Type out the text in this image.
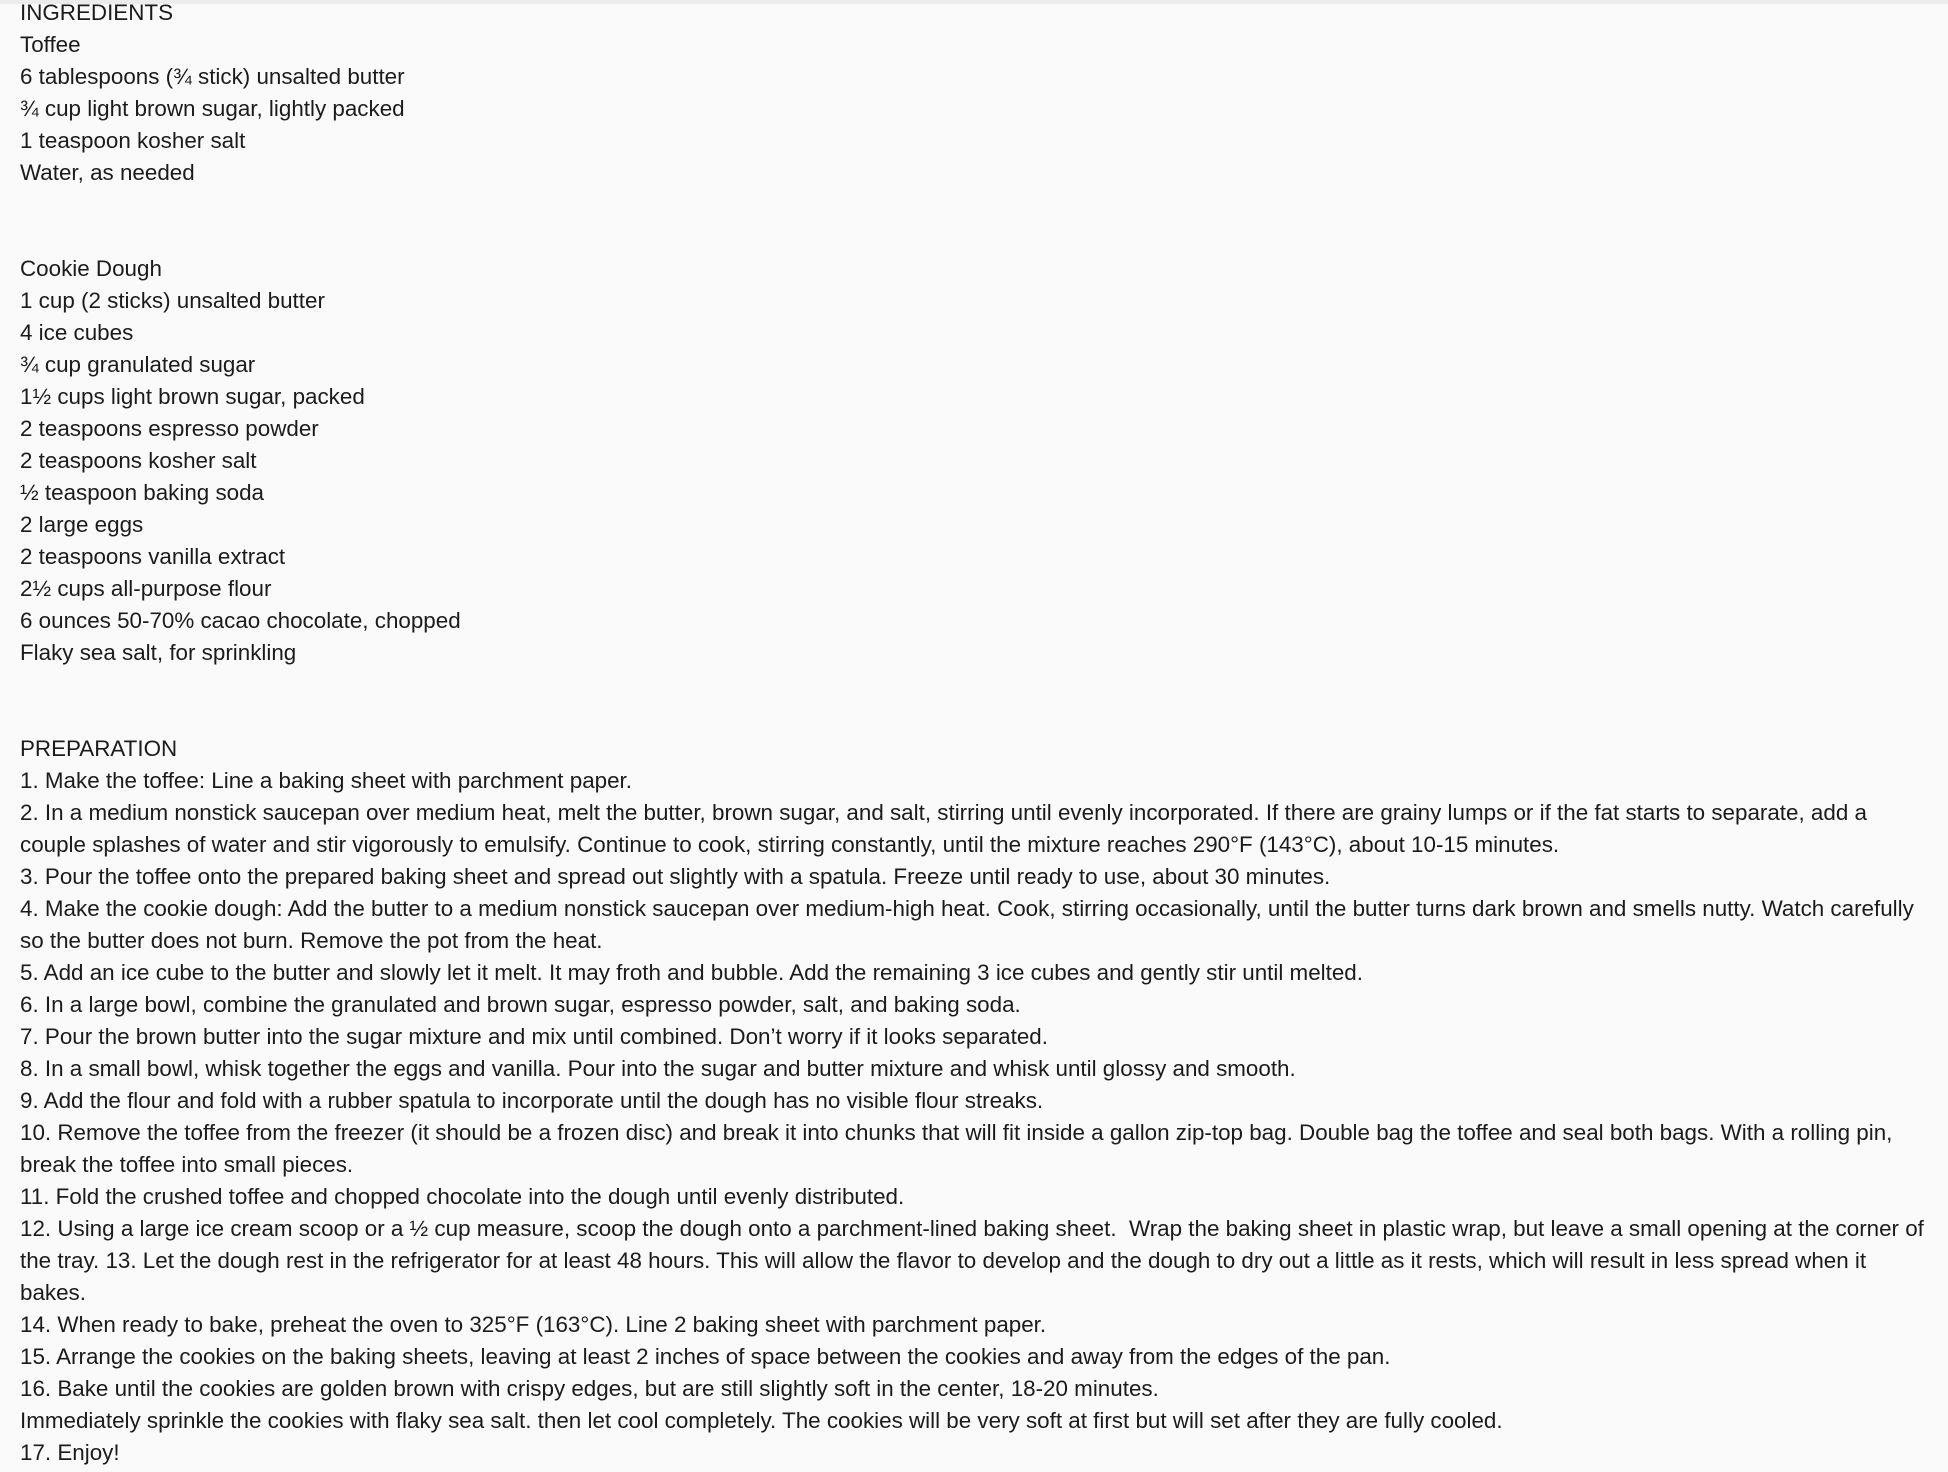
INGREDIENTS

Toffee

6 tablespoons (¾ stick) unsalted butter

¾ cup light brown sugar, lightly packed

1 teaspoon kosher salt

Water, as needed

Cookie Dough

1 cup (2 sticks) unsalted butter

4 ice cubes

¾ cup granulated sugar

1½ cups light brown sugar, packed

2 teaspoons espresso powder

2 teaspoons kosher salt

½ teaspoon baking soda

2 large eggs

2 teaspoons vanilla extract

2½ cups all-purpose flour

6 ounces 50-70% cacao chocolate, chopped

Flaky sea salt, for sprinkling

PREPARATION

1. Make the toffee: Line a baking sheet with parchment paper.

2. In a medium nonstick saucepan over medium heat, melt the butter, brown sugar, and salt, stirring until evenly incorporated. If there are grainy lumps or if the fat starts to separate, add a couple splashes of water and stir vigorously to emulsify. Continue to cook, stirring constantly, until the mixture reaches 290°F (143°C), about 10-15 minutes.

3. Pour the toffee onto the prepared baking sheet and spread out slightly with a spatula. Freeze until ready to use, about 30 minutes.

4. Make the cookie dough: Add the butter to a medium nonstick saucepan over medium-high heat. Cook, stirring occasionally, until the butter turns dark brown and smells nutty. Watch carefully so the butter does not burn. Remove the pot from the heat.

5. Add an ice cube to the butter and slowly let it melt. It may froth and bubble. Add the remaining 3 ice cubes and gently stir until melted.

6. In a large bowl, combine the granulated and brown sugar, espresso powder, salt, and baking soda.

7. Pour the brown butter into the sugar mixture and mix until combined. Don’t worry if it looks separated.

8. In a small bowl, whisk together the eggs and vanilla. Pour into the sugar and butter mixture and whisk until glossy and smooth.

9. Add the flour and fold with a rubber spatula to incorporate until the dough has no visible flour streaks.

10. Remove the toffee from the freezer (it should be a frozen disc) and break it into chunks that will fit inside a gallon zip-top bag. Double bag the toffee and seal both bags. With a rolling pin, break the toffee into small pieces.

11. Fold the crushed toffee and chopped chocolate into the dough until evenly distributed.

12. Using a large ice cream scoop or a ½ cup measure, scoop the dough onto a parchment-lined baking sheet.  Wrap the baking sheet in plastic wrap, but leave a small opening at the corner of the tray. 13. Let the dough rest in the refrigerator for at least 48 hours. This will allow the flavor to develop and the dough to dry out a little as it rests, which will result in less spread when it bakes.

14. When ready to bake, preheat the oven to 325°F (163°C). Line 2 baking sheet with parchment paper.

15. Arrange the cookies on the baking sheets, leaving at least 2 inches of space between the cookies and away from the edges of the pan.

16. Bake until the cookies are golden brown with crispy edges, but are still slightly soft in the center, 18-20 minutes.

Immediately sprinkle the cookies with flaky sea salt. then let cool completely. The cookies will be very soft at first but will set after they are fully cooled.

17. Enjoy!
